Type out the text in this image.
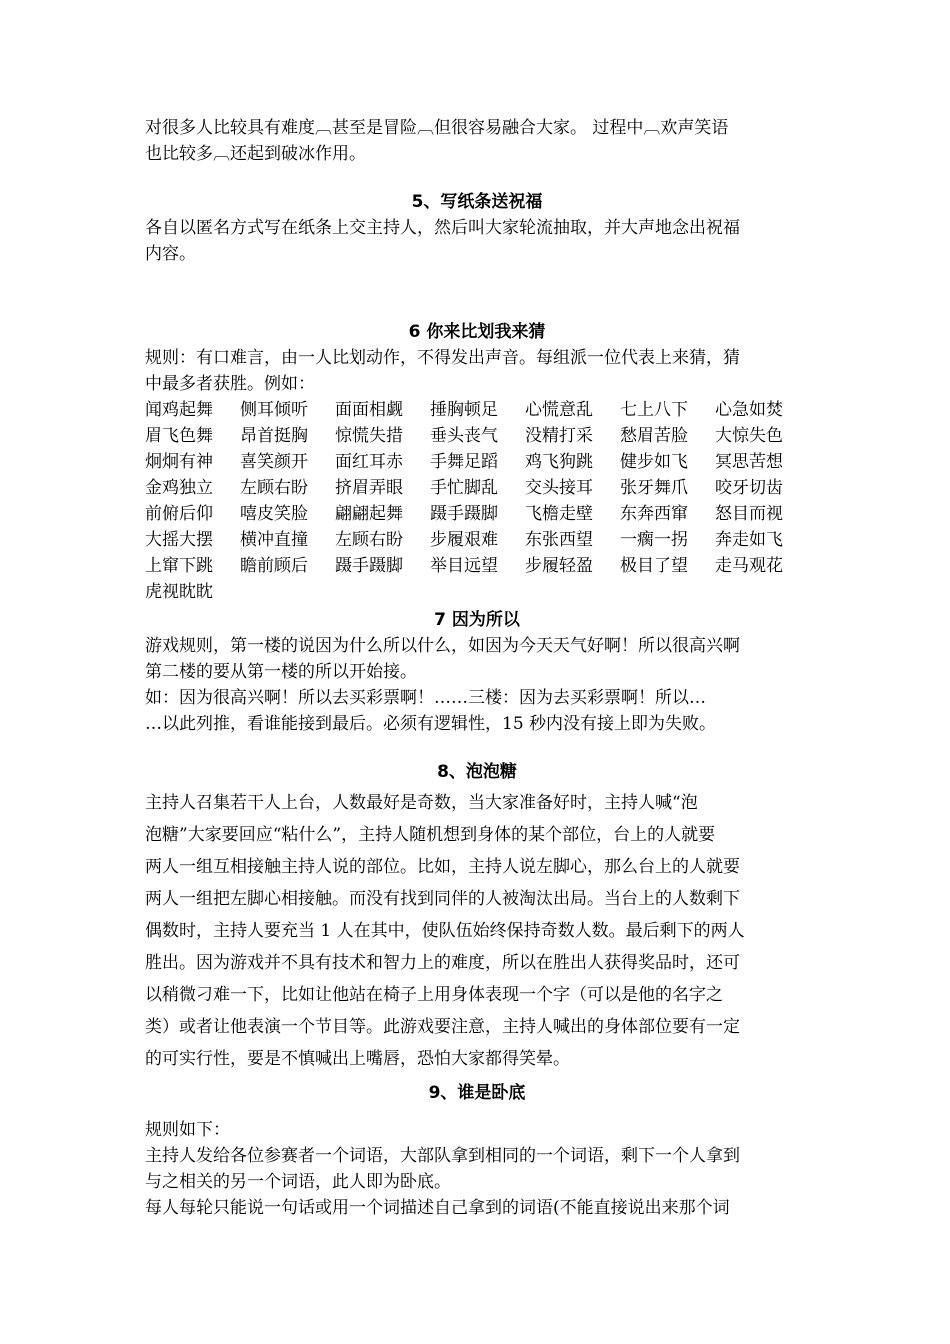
对很多人比较具有难度︹甚至是冒险︹但很容易融合大家。 过程中︹欢声笑语

也比较多︹还起到破冰作用。

5、写纸条送祝福

各自以匿名方式写在纸条上交主持人，然后叫大家轮流抽取，并大声地念出祝福

内容。

6 你来比划我来猜

规则：有口难言，由一人比划动作，不得发出声音。每组派一位代表上来猜，猜

中最多者获胜。例如：

闻鸡起舞	侧耳倾听	面面相觑	捶胸顿足	心慌意乱	七上八下	心急如焚
眉飞色舞	昂首挺胸	惊慌失措	垂头丧气	没精打采	愁眉苦脸	大惊失色
炯炯有神	喜笑颜开	面红耳赤	手舞足蹈	鸡飞狗跳	健步如飞	冥思苦想
金鸡独立	左顾右盼	挤眉弄眼	手忙脚乱	交头接耳	张牙舞爪	咬牙切齿
前俯后仰	嘻皮笑脸	翩翩起舞	蹑手蹑脚	飞檐走壁	东奔西窜	怒目而视
大摇大摆	横冲直撞	左顾右盼	步履艰难	东张西望	一瘸一拐	奔走如飞
上窜下跳	瞻前顾后	蹑手蹑脚	举目远望	步履轻盈	极目了望	走马观花
虎视眈眈
7 因为所以

游戏规则，第一楼的说因为什么所以什么，如因为今天天气好啊！所以很高兴啊

第二楼的要从第一楼的所以开始接。

如：因为很高兴啊！所以去买彩票啊！……三楼：因为去买彩票啊！所以…

…以此列推，看谁能接到最后。必须有逻辑性，15 秒内没有接上即为失败。

8、泡泡糖

主持人召集若干人上台，人数最好是奇数，当大家准备好时，主持人喊“泡

泡糖”大家要回应“粘什么”，主持人随机想到身体的某个部位，台上的人就要

两人一组互相接触主持人说的部位。比如，主持人说左脚心，那么台上的人就要

两人一组把左脚心相接触。而没有找到同伴的人被淘汰出局。当台上的人数剩下

偶数时，主持人要充当 1 人在其中，使队伍始终保持奇数人数。最后剩下的两人

胜出。因为游戏并不具有技术和智力上的难度，所以在胜出人获得奖品时，还可

以稍微刁难一下，比如让他站在椅子上用身体表现一个字（可以是他的名字之

类）或者让他表演一个节目等。此游戏要注意，主持人喊出的身体部位要有一定

的可实行性，要是不慎喊出上嘴唇，恐怕大家都得笑晕。

9、谁是卧底

规则如下：

主持人发给各位参赛者一个词语，大部队拿到相同的一个词语，剩下一个人拿到

与之相关的另一个词语，此人即为卧底。

每人每轮只能说一句话或用一个词描述自己拿到的词语(不能直接说出来那个词
